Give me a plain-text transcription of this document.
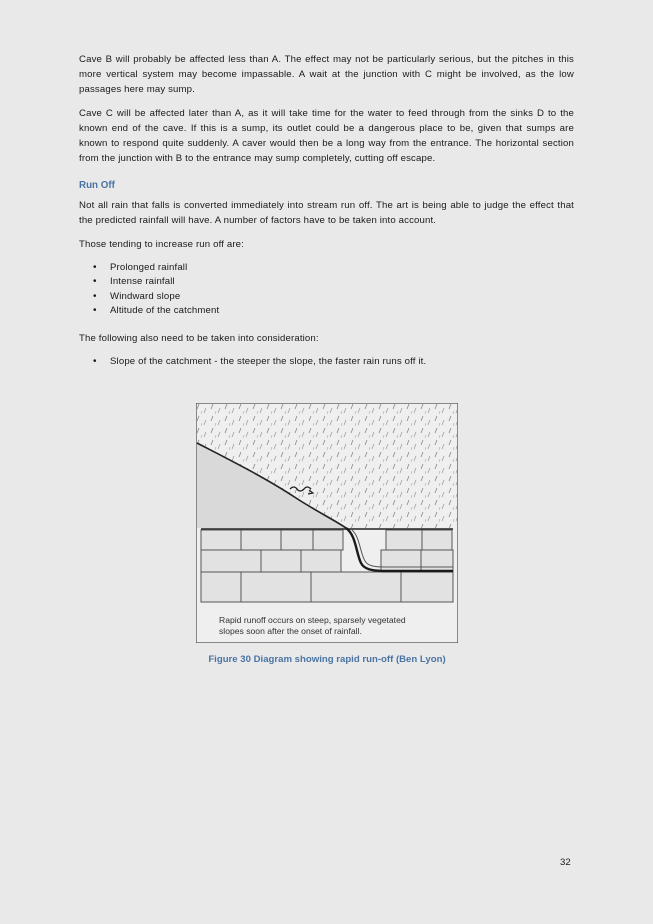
Cave B will probably be affected less than A. The effect may not be particularly serious, but the pitches in this more vertical system may become impassable. A wait at the junction with C might be involved, as the low passages here may sump.

Cave C will be affected later than A, as it will take time for the water to feed through from the sinks D to the known end of the cave. If this is a sump, its outlet could be a dangerous place to be, given that sumps are known to respond quite suddenly. A caver would then be a long way from the entrance. The horizontal section from the junction with B to the entrance may sump completely, cutting off escape.

Run Off

Not all rain that falls is converted immediately into stream run off. The art is being able to judge the effect that the predicted rainfall will have. A number of factors have to be taken into account.

Those tending to increase run off are:

• Prolonged rainfall
• Intense rainfall
• Windward slope
• Altitude of the catchment

The following also need to be taken into consideration:

• Slope of the catchment - the steeper the slope, the faster rain runs off it.
Rapid runoff occurs on steep, sparsely vegetated
slopes soon after the onset of rainfall.
Figure 30 Diagram showing rapid run-off (Ben Lyon)
32
